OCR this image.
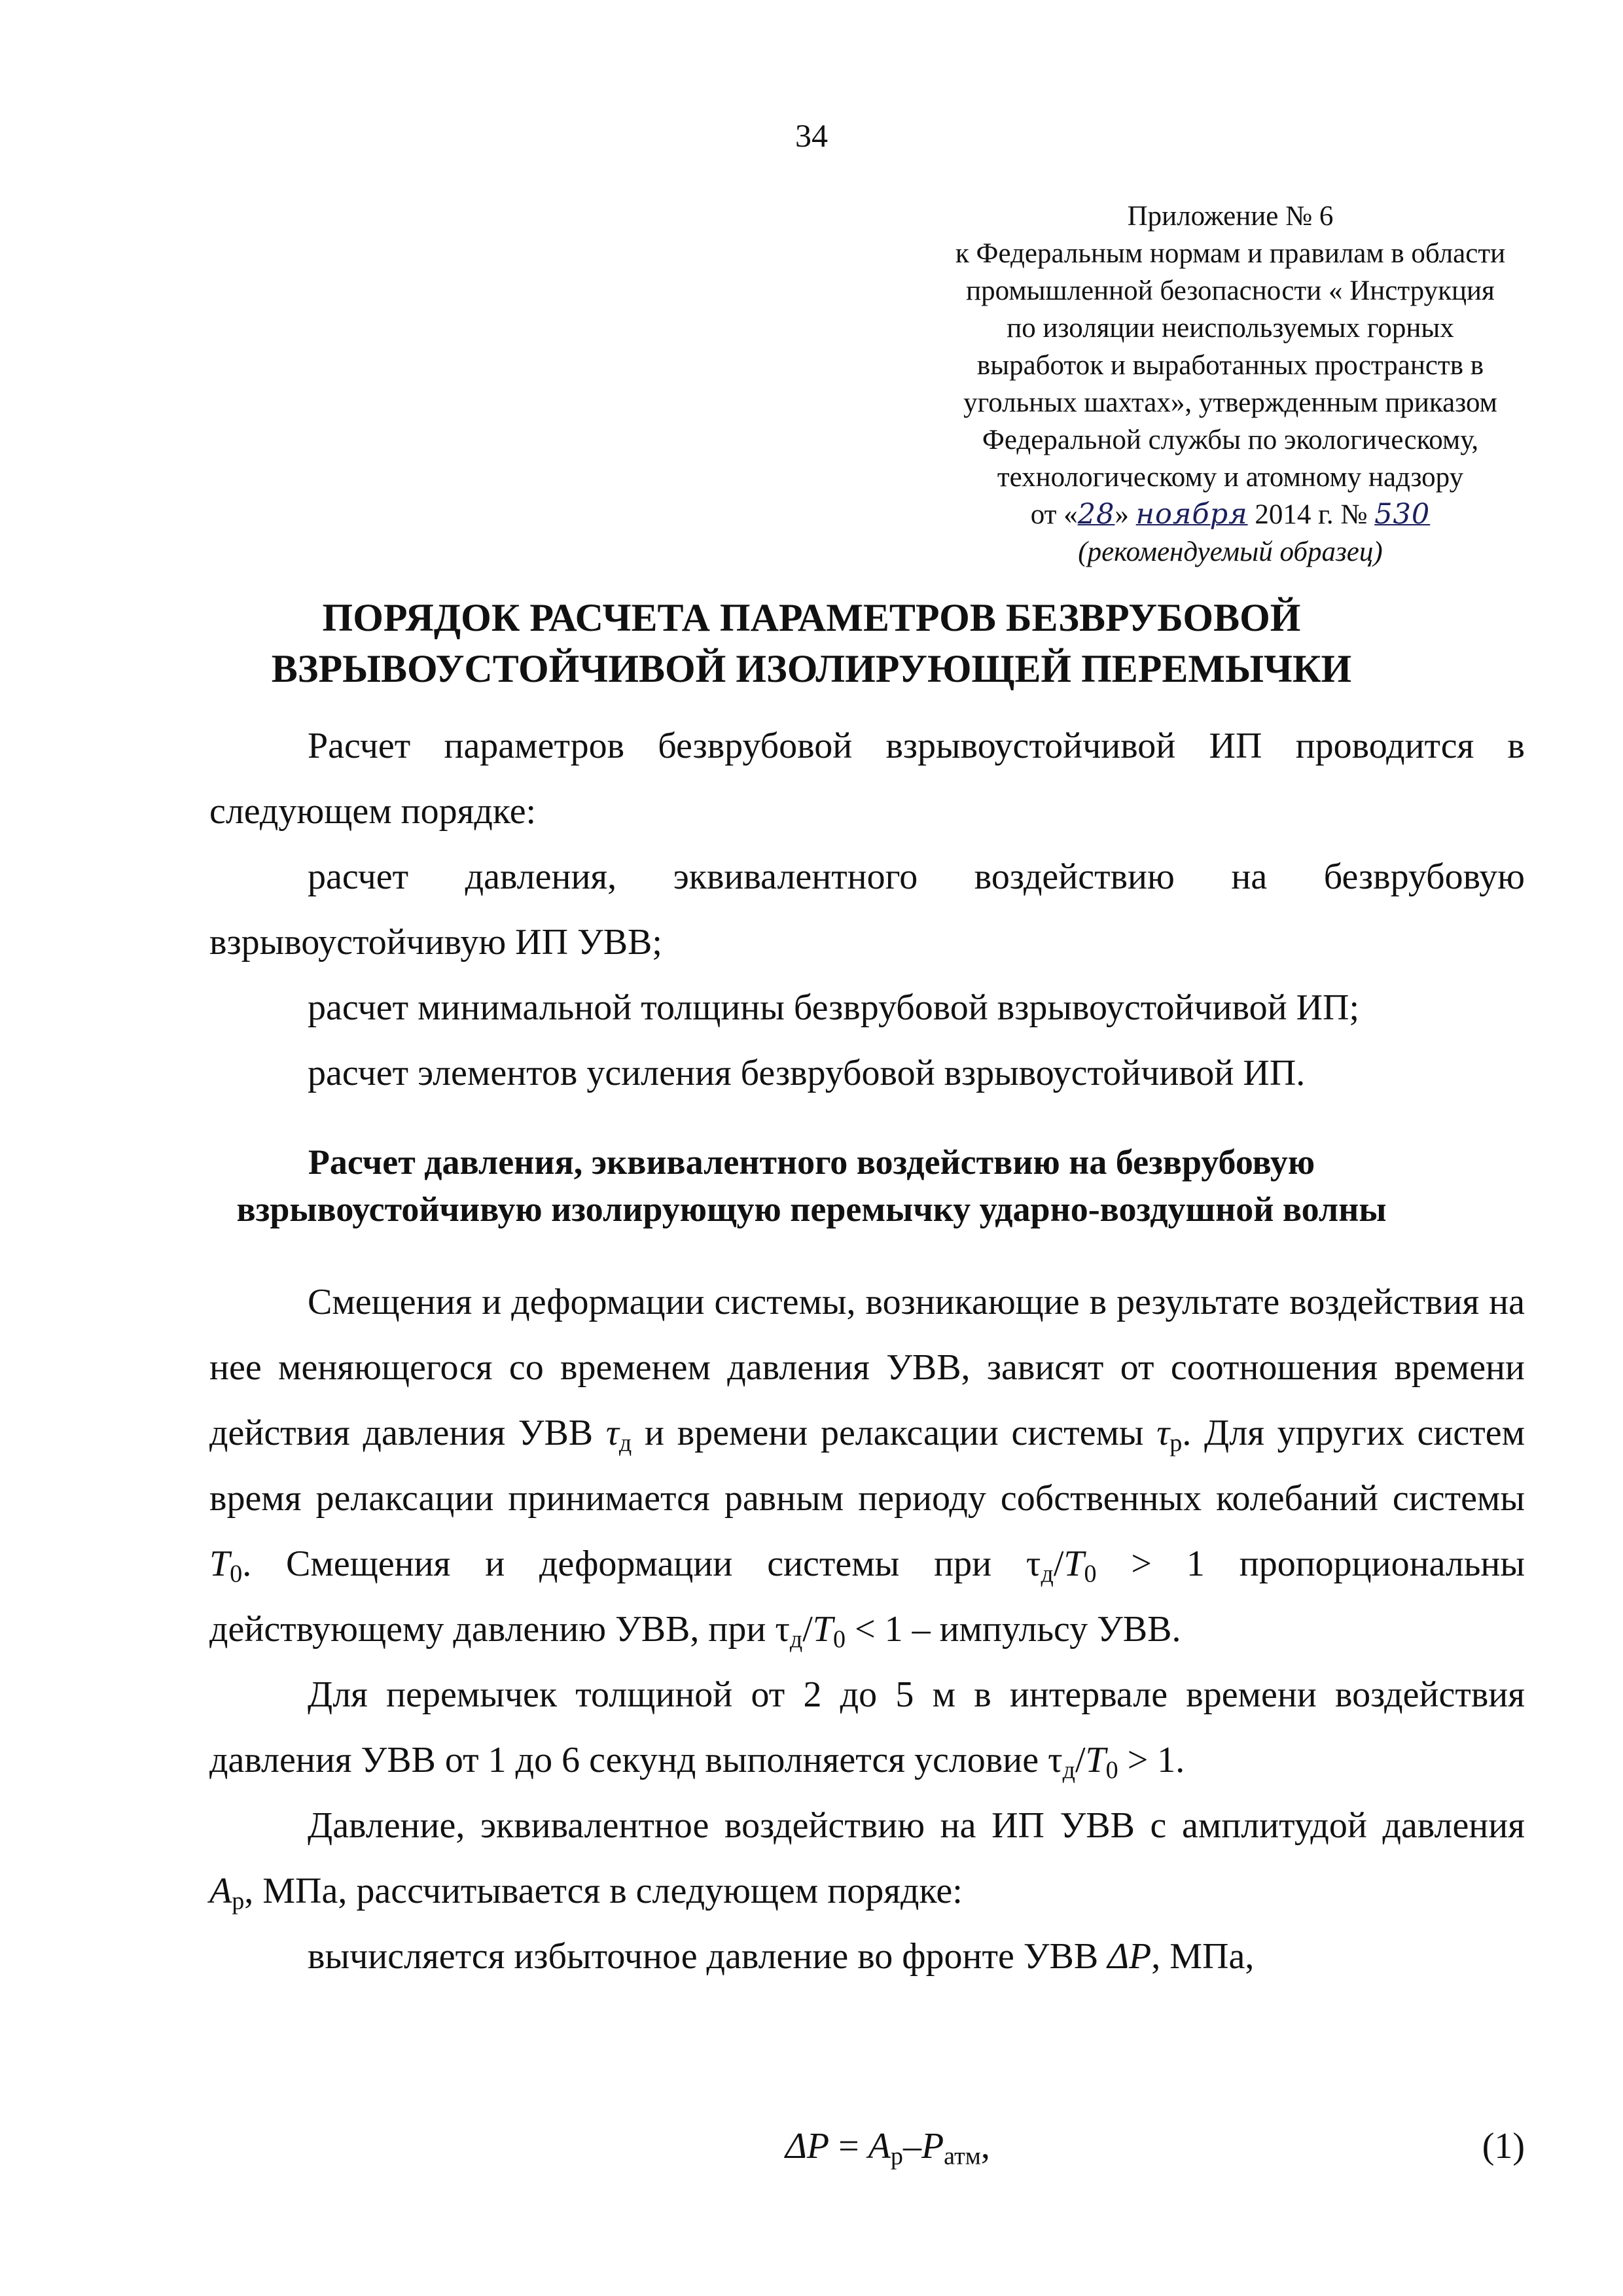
34
Приложение № 6
к Федеральным нормам и правилам в области
промышленной безопасности « Инструкция
по изоляции неиспользуемых горных
выработок и выработанных пространств в
угольных шахтах», утвержденным приказом
Федеральной службы по экологическому,
технологическому и атомному надзору
от «28» ноября 2014 г. № 530
(рекомендуемый образец)
ПОРЯДОК РАСЧЕТА ПАРАМЕТРОВ БЕЗВРУБОВОЙ
ВЗРЫВОУСТОЙЧИВОЙ ИЗОЛИРУЮЩЕЙ ПЕРЕМЫЧКИ

Расчет параметров безврубовой взрывоустойчивой ИП проводится в следующем порядке:

расчет давления, эквивалентного воздействию на безврубовую взрывоустойчивую ИП УВВ;

расчет минимальной толщины безврубовой взрывоустойчивой ИП;

расчет элементов усиления безврубовой взрывоустойчивой ИП.

Расчет давления, эквивалентного воздействию на безврубовую
взрывоустойчивую изолирующую перемычку ударно-воздушной волны

Смещения и деформации системы, возникающие в результате воздействия на нее меняющегося со временем давления УВВ, зависят от соотношения времени действия давления УВВ $\tau_д$ и времени релаксации системы $\tau_р$. Для упругих систем время релаксации принимается равным периоду собственных колебаний системы $T_0$. Смещения и деформации системы при $\tau_д/T_0 > 1$ пропорциональны действующему давлению УВВ, при $\tau_д/T_0 < 1$ – импульсу УВВ.

Для перемычек толщиной от 2 до 5 м в интервале времени воздействия давления УВВ от 1 до 6 секунд выполняется условие $\tau_д/T_0 > 1$.

Давление, эквивалентное воздействию на ИП УВВ с амплитудой давления $A_р$, МПа, рассчитывается в следующем порядке:

вычисляется избыточное давление во фронте УВВ ΔP, МПа,

$\Delta P = A_р-P_{атм}$,	(1)
